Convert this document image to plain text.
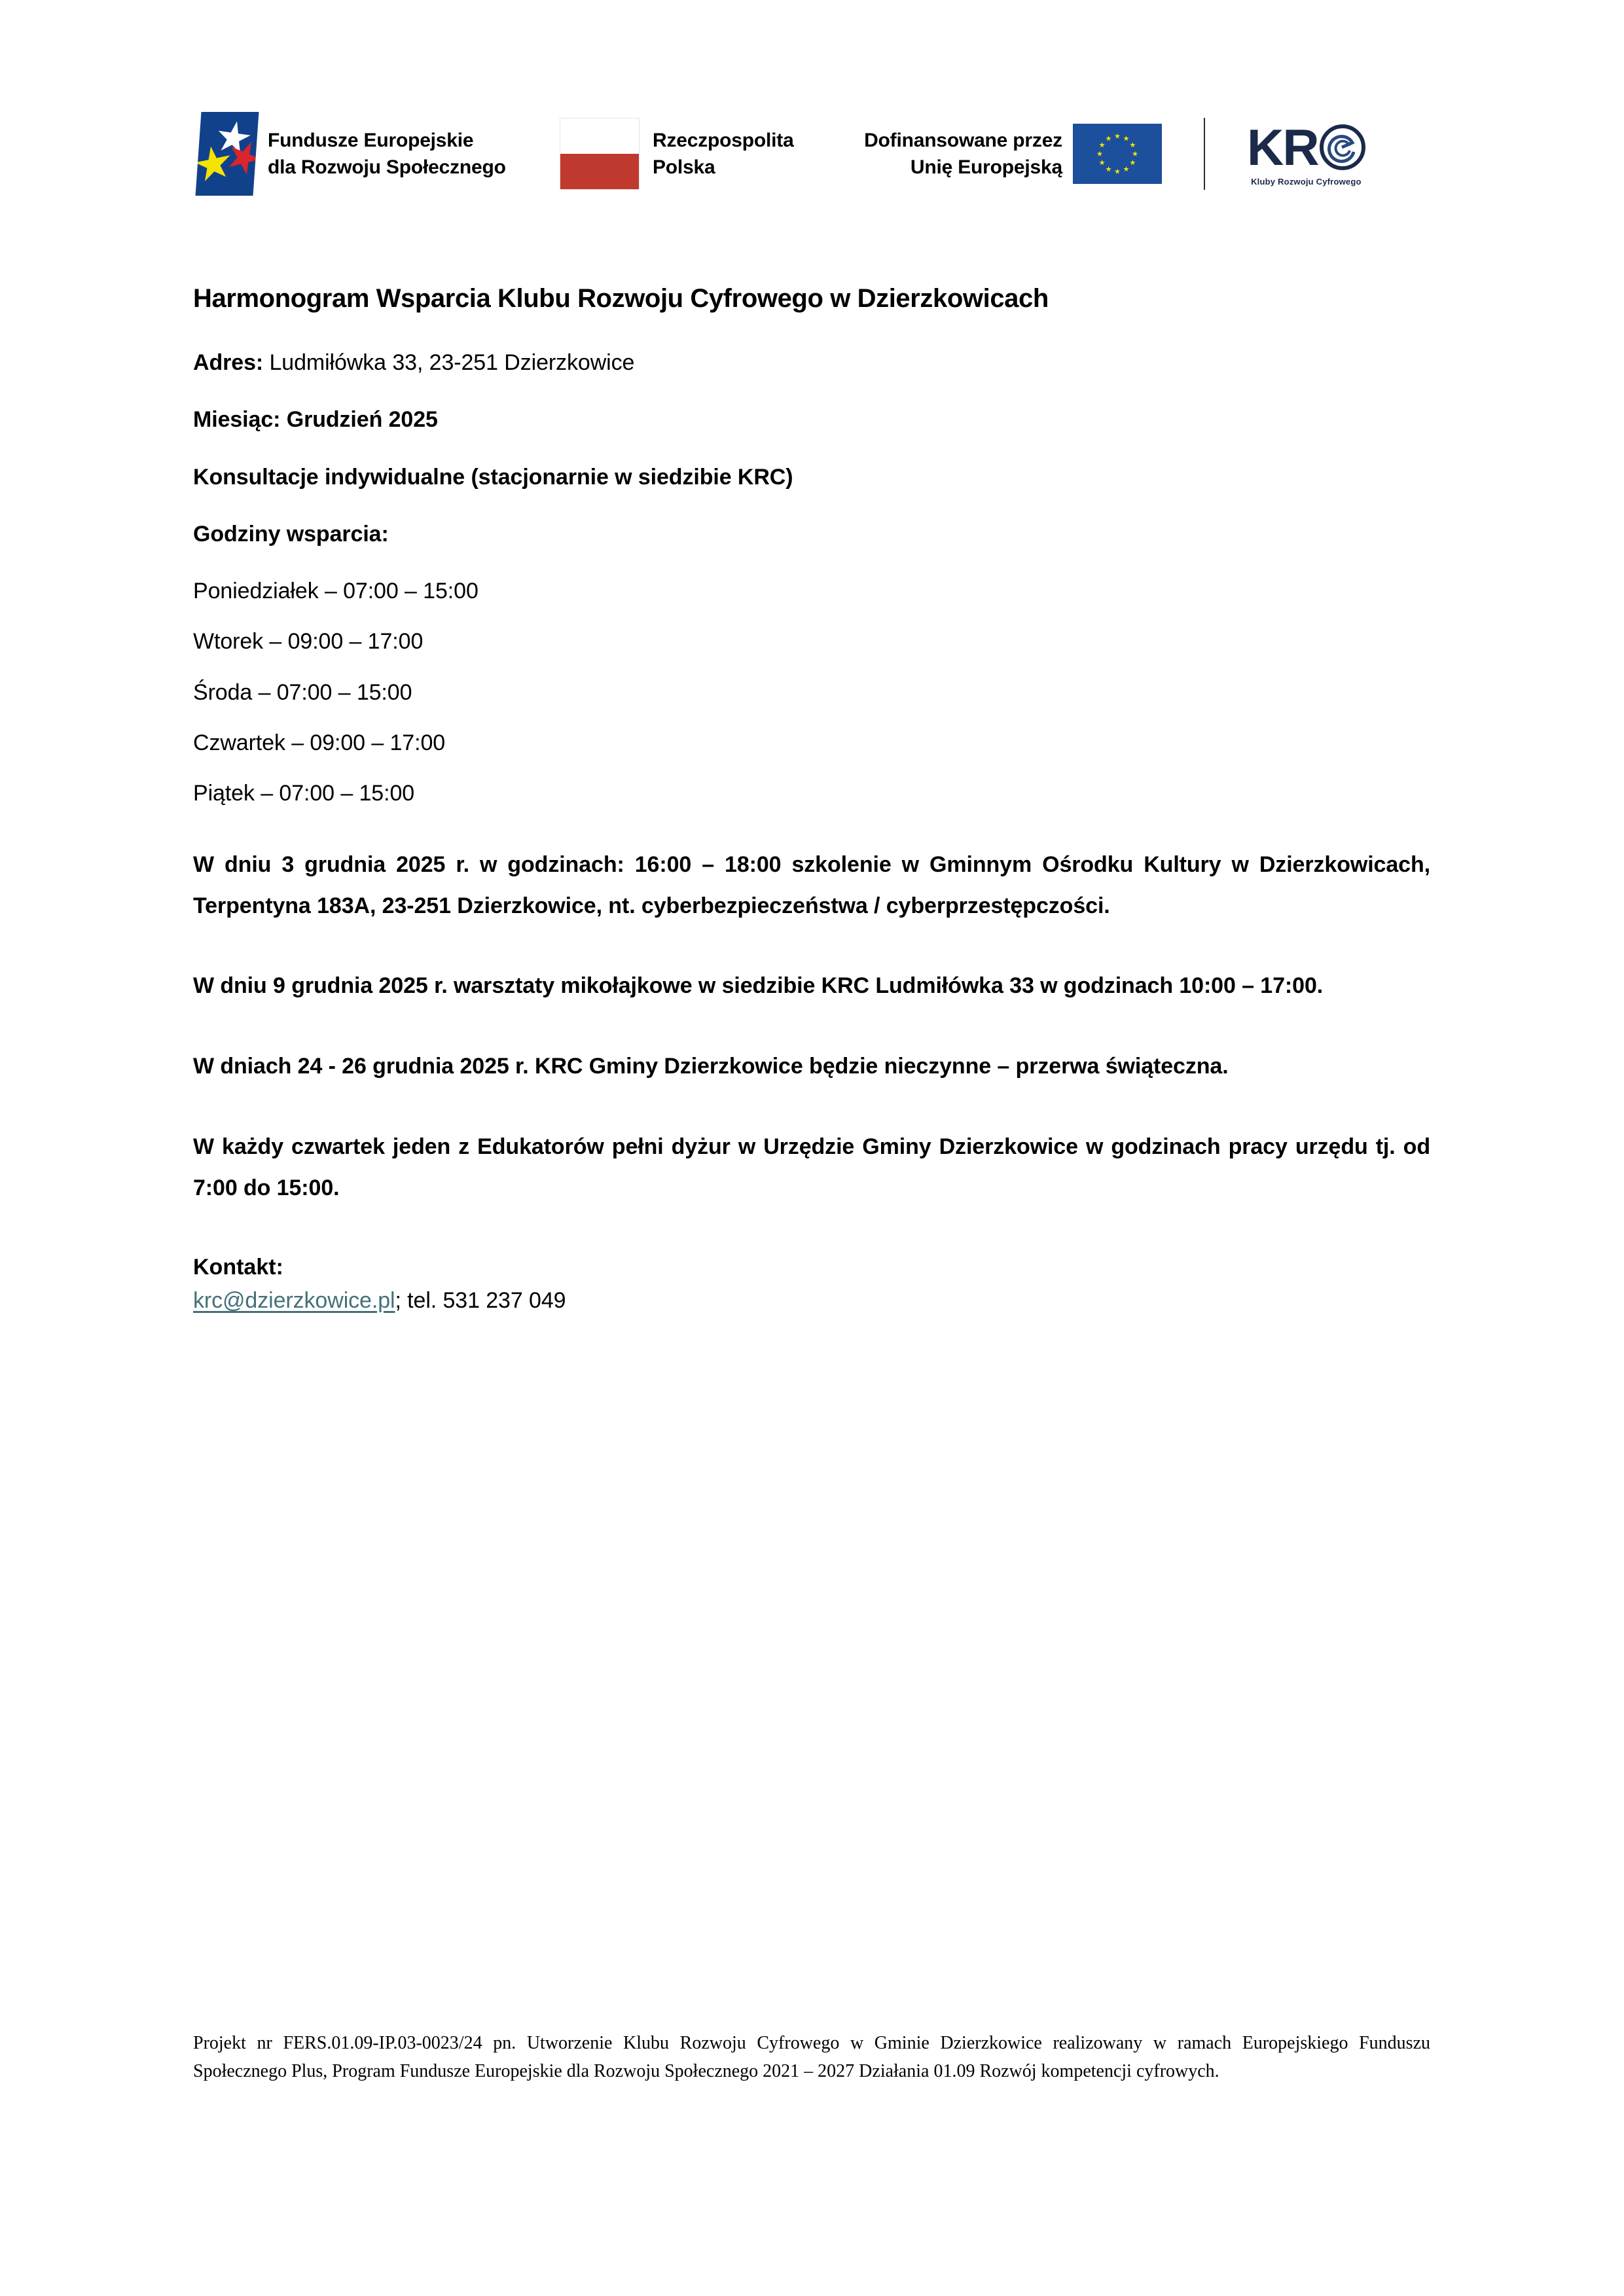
Fundusze Europejskie
dla Rozwoju Społecznego
Rzeczpospolita
Polska
Dofinansowane przez
Unię Europejską	KR
Kluby Rozwoju Cyfrowego
Harmonogram Wsparcia Klubu Rozwoju Cyfrowego w Dzierzkowicach

Adres: Ludmiłówka 33, 23-251 Dzierzkowice

Miesiąc: Grudzień 2025

Konsultacje indywidualne (stacjonarnie w siedzibie KRC)

Godziny wsparcia:

Poniedziałek – 07:00 – 15:00

Wtorek – 09:00 – 17:00

Środa – 07:00 – 15:00

Czwartek – 09:00 – 17:00

Piątek – 07:00 – 15:00

W dniu 3 grudnia 2025 r. w godzinach: 16:00 – 18:00 szkolenie w Gminnym Ośrodku Kultury w Dzierzkowicach, Terpentyna 183A, 23-251 Dzierzkowice, nt. cyberbezpieczeństwa / cyberprzestępczości.

W dniu 9 grudnia 2025 r. warsztaty mikołajkowe w siedzibie KRC Ludmiłówka 33 w godzinach 10:00 – 17:00.

W dniach 24 - 26 grudnia 2025 r. KRC Gminy Dzierzkowice będzie nieczynne – przerwa świąteczna.

W każdy czwartek jeden z Edukatorów pełni dyżur w Urzędzie Gminy Dzierzkowice w godzinach pracy urzędu tj. od 7:00 do 15:00.

Kontakt:

krc@dzierzkowice.pl; tel. 531 237 049

Projekt nr FERS.01.09-IP.03-0023/24 pn. Utworzenie Klubu Rozwoju Cyfrowego w Gminie Dzierzkowice realizowany w ramach Europejskiego Funduszu Społecznego Plus, Program Fundusze Europejskie dla Rozwoju Społecznego 2021 – 2027 Działania 01.09 Rozwój kompetencji cyfrowych.
